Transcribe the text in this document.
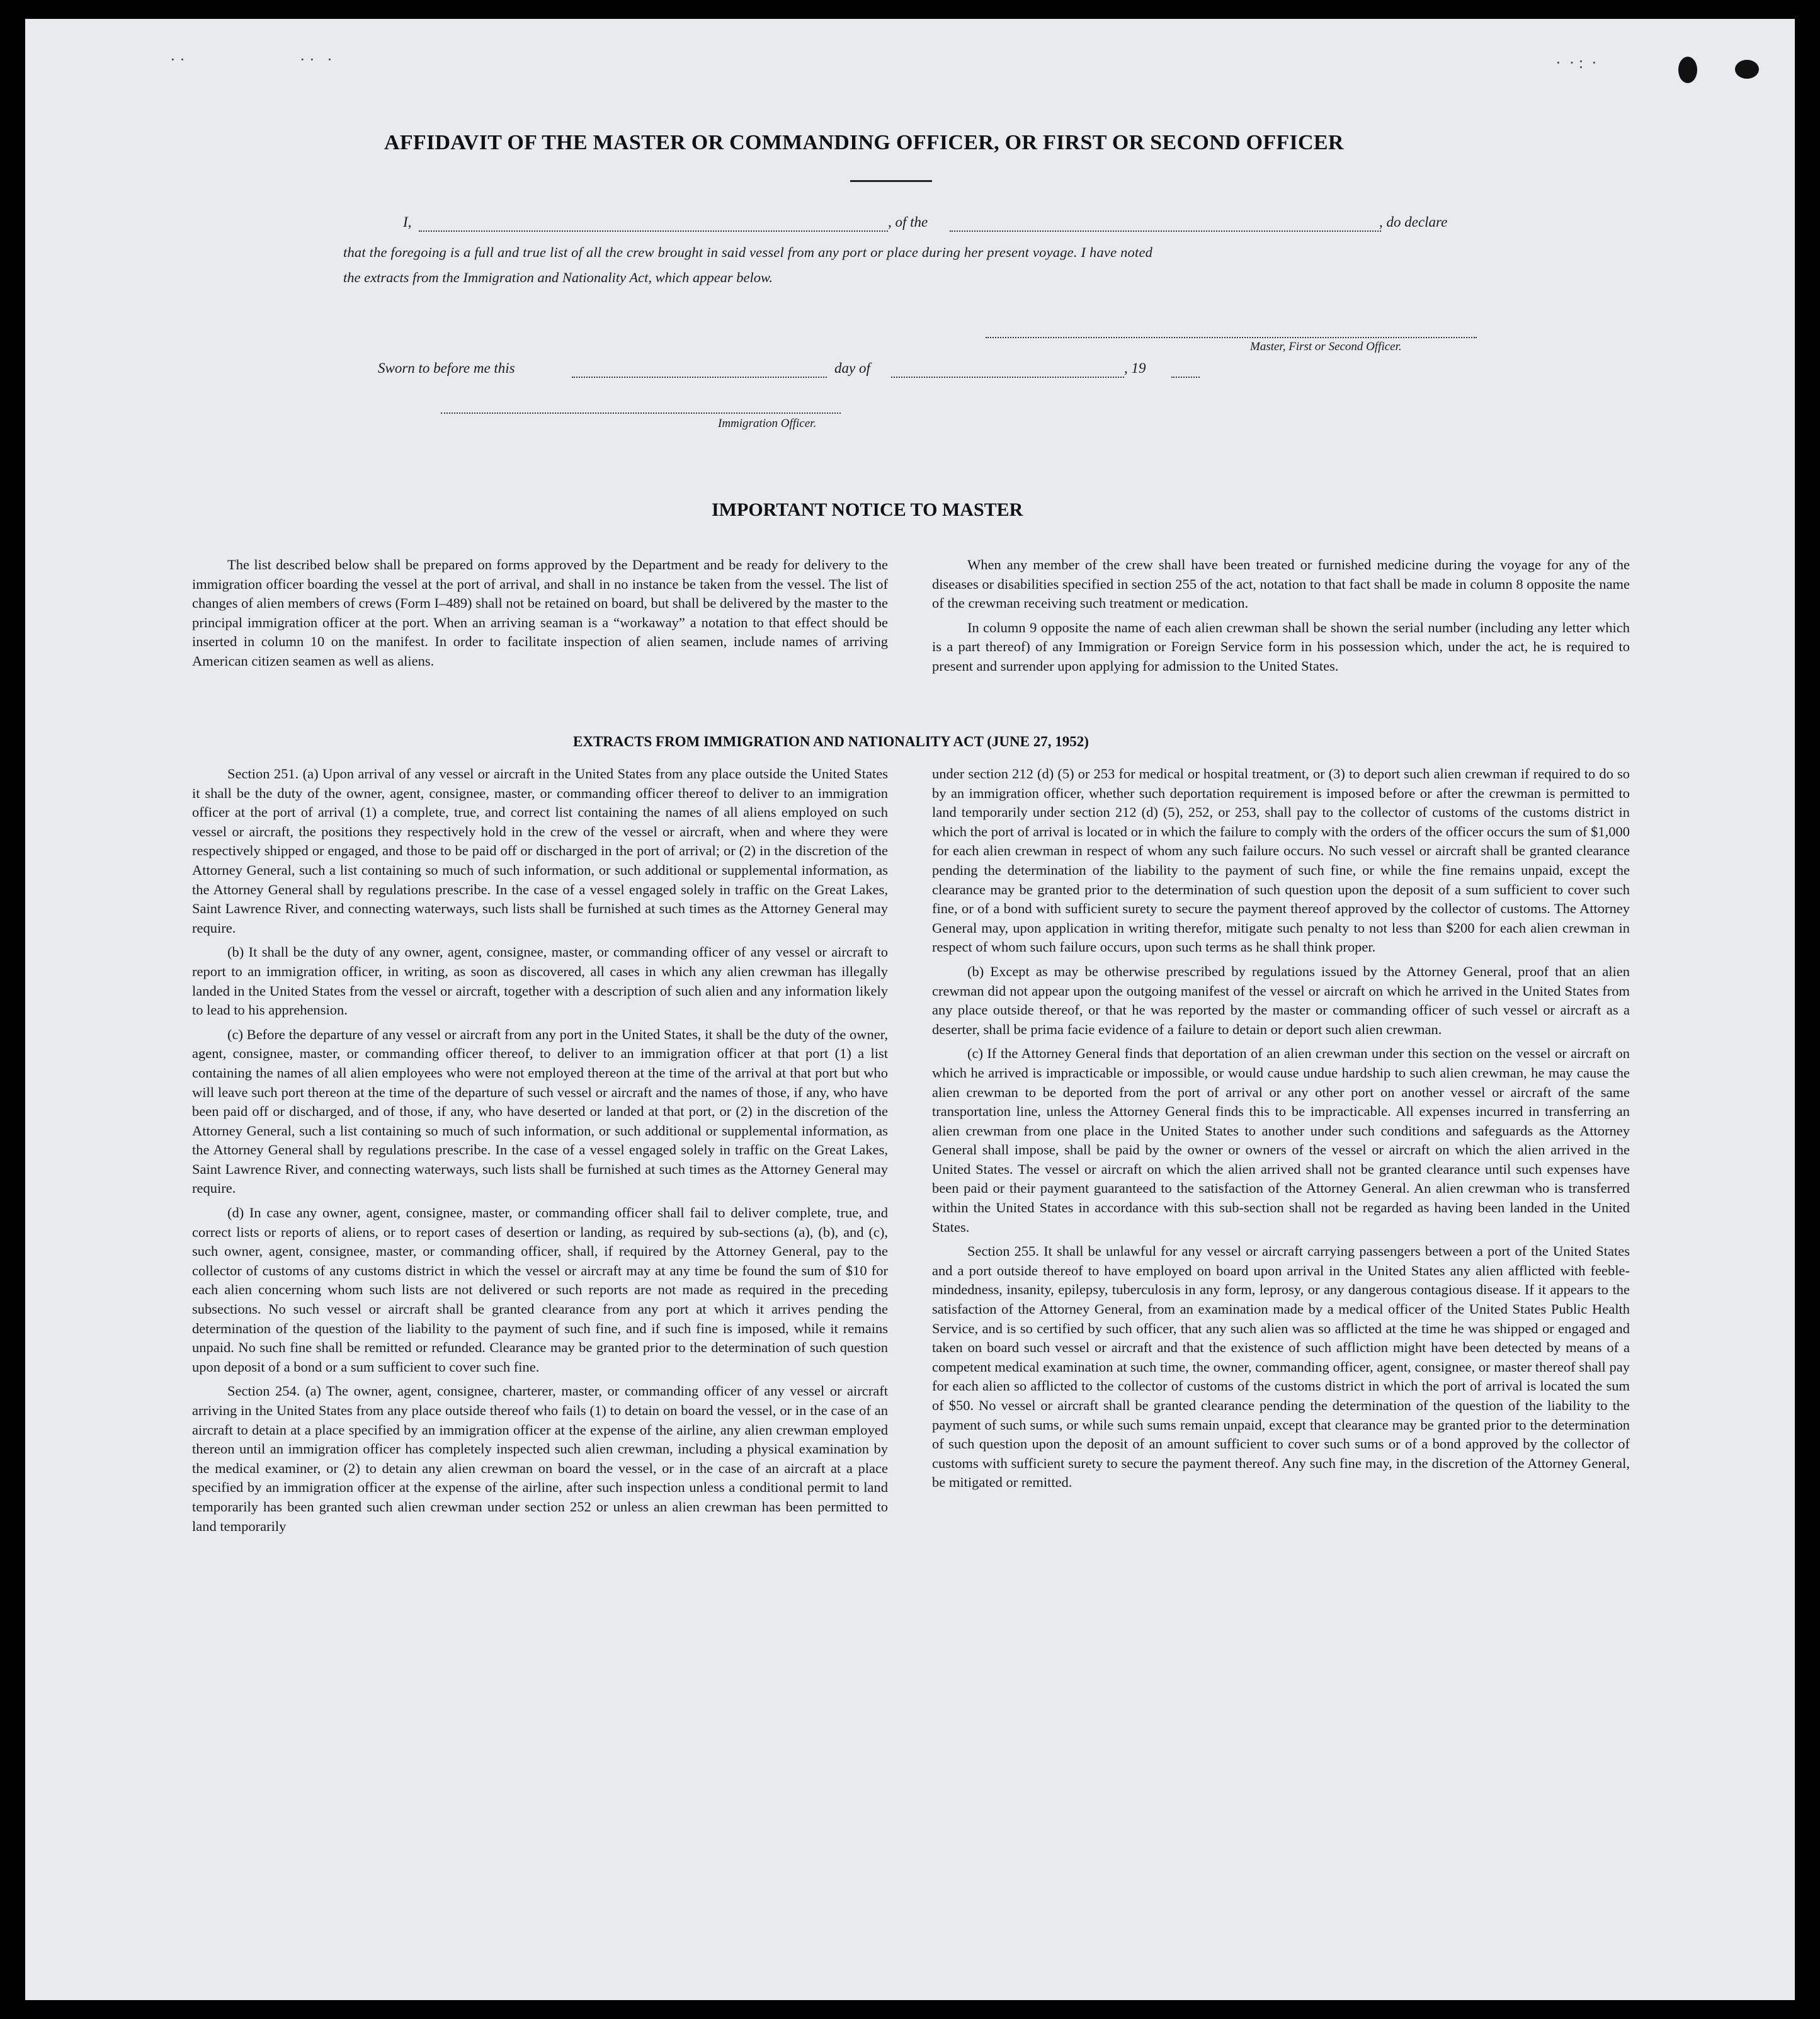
· ·                            · ·   ·	·  · :  ·
AFFIDAVIT OF THE MASTER OR COMMANDING OFFICER, OR FIRST OR SECOND OFFICER
I,	, of the	, do declare
that the foregoing is a full and true list of all the crew brought in said vessel from any port or place during her present voyage. I have noted
the extracts from the Immigration and Nationality Act, which appear below.
Master, First or Second Officer.
Sworn to before me this	day of	, 19
Immigration Officer.
IMPORTANT NOTICE TO MASTER

The list described below shall be prepared on forms approved by the Department and be ready for delivery to the immigration officer boarding the vessel at the port of arrival, and shall in no instance be taken from the vessel. The list of changes of alien members of crews (Form I–489) shall not be retained on board, but shall be delivered by the master to the principal immigration officer at the port. When an arriving seaman is a “workaway” a notation to that effect should be inserted in column 10 on the manifest. In order to facilitate inspection of alien seamen, include names of arriving American citizen seamen as well as aliens.

When any member of the crew shall have been treated or furnished medicine during the voyage for any of the diseases or disabilities specified in section 255 of the act, notation to that fact shall be made in column 8 opposite the name of the crewman receiving such treatment or medication.

In column 9 opposite the name of each alien crewman shall be shown the serial number (including any letter which is a part thereof) of any Immigration or Foreign Service form in his possession which, under the act, he is required to present and surrender upon applying for admission to the United States.

EXTRACTS FROM IMMIGRATION AND NATIONALITY ACT (JUNE 27, 1952)

Section 251. (a) Upon arrival of any vessel or aircraft in the United States from any place outside the United States it shall be the duty of the owner, agent, consignee, master, or commanding officer thereof to deliver to an immigration officer at the port of arrival (1) a complete, true, and correct list containing the names of all aliens employed on such vessel or aircraft, the positions they respectively hold in the crew of the vessel or aircraft, when and where they were respectively shipped or engaged, and those to be paid off or discharged in the port of arrival; or (2) in the discretion of the Attorney General, such a list containing so much of such information, or such additional or supplemental information, as the Attorney General shall by regulations prescribe. In the case of a vessel engaged solely in traffic on the Great Lakes, Saint Lawrence River, and connecting waterways, such lists shall be furnished at such times as the Attorney General may require.

(b) It shall be the duty of any owner, agent, consignee, master, or commanding officer of any vessel or aircraft to report to an immigration officer, in writing, as soon as discovered, all cases in which any alien crewman has illegally landed in the United States from the vessel or aircraft, together with a description of such alien and any information likely to lead to his apprehension.

(c) Before the departure of any vessel or aircraft from any port in the United States, it shall be the duty of the owner, agent, consignee, master, or commanding officer thereof, to deliver to an immigration officer at that port (1) a list containing the names of all alien employees who were not employed thereon at the time of the arrival at that port but who will leave such port thereon at the time of the departure of such vessel or aircraft and the names of those, if any, who have been paid off or discharged, and of those, if any, who have deserted or landed at that port, or (2) in the discretion of the Attorney General, such a list containing so much of such information, or such additional or supplemental information, as the Attorney General shall by regulations prescribe. In the case of a vessel engaged solely in traffic on the Great Lakes, Saint Lawrence River, and connecting waterways, such lists shall be furnished at such times as the Attorney General may require.

(d) In case any owner, agent, consignee, master, or commanding officer shall fail to deliver complete, true, and correct lists or reports of aliens, or to report cases of desertion or landing, as required by sub-sections (a), (b), and (c), such owner, agent, consignee, master, or commanding officer, shall, if required by the Attorney General, pay to the collector of customs of any customs district in which the vessel or aircraft may at any time be found the sum of $10 for each alien concerning whom such lists are not delivered or such reports are not made as required in the preceding subsections. No such vessel or aircraft shall be granted clearance from any port at which it arrives pending the determination of the question of the liability to the payment of such fine, and if such fine is imposed, while it remains unpaid. No such fine shall be remitted or refunded. Clearance may be granted prior to the determination of such question upon deposit of a bond or a sum sufficient to cover such fine.

Section 254. (a) The owner, agent, consignee, charterer, master, or commanding officer of any vessel or aircraft arriving in the United States from any place outside thereof who fails (1) to detain on board the vessel, or in the case of an aircraft to detain at a place specified by an immigration officer at the expense of the airline, any alien crewman employed thereon until an immigration officer has completely inspected such alien crewman, including a physical examination by the medical examiner, or (2) to detain any alien crewman on board the vessel, or in the case of an aircraft at a place specified by an immigration officer at the expense of the airline, after such inspection unless a conditional permit to land temporarily has been granted such alien crewman under section 252 or unless an alien crewman has been permitted to land temporarily

under section 212 (d) (5) or 253 for medical or hospital treatment, or (3) to deport such alien crewman if required to do so by an immigration officer, whether such deportation requirement is imposed before or after the crewman is permitted to land temporarily under section 212 (d) (5), 252, or 253, shall pay to the collector of customs of the customs district in which the port of arrival is located or in which the failure to comply with the orders of the officer occurs the sum of $1,000 for each alien crewman in respect of whom any such failure occurs. No such vessel or aircraft shall be granted clearance pending the determination of the liability to the payment of such fine, or while the fine remains unpaid, except the clearance may be granted prior to the determination of such question upon the deposit of a sum sufficient to cover such fine, or of a bond with sufficient surety to secure the payment thereof approved by the collector of customs. The Attorney General may, upon application in writing therefor, mitigate such penalty to not less than $200 for each alien crewman in respect of whom such failure occurs, upon such terms as he shall think proper.

(b) Except as may be otherwise prescribed by regulations issued by the Attorney General, proof that an alien crewman did not appear upon the outgoing manifest of the vessel or aircraft on which he arrived in the United States from any place outside thereof, or that he was reported by the master or commanding officer of such vessel or aircraft as a deserter, shall be prima facie evidence of a failure to detain or deport such alien crewman.

(c) If the Attorney General finds that deportation of an alien crewman under this section on the vessel or aircraft on which he arrived is impracticable or impossible, or would cause undue hardship to such alien crewman, he may cause the alien crewman to be deported from the port of arrival or any other port on another vessel or aircraft of the same transportation line, unless the Attorney General finds this to be impracticable. All expenses incurred in transferring an alien crewman from one place in the United States to another under such conditions and safeguards as the Attorney General shall impose, shall be paid by the owner or owners of the vessel or aircraft on which the alien arrived in the United States. The vessel or aircraft on which the alien arrived shall not be granted clearance until such expenses have been paid or their payment guaranteed to the satisfaction of the Attorney General. An alien crewman who is transferred within the United States in accordance with this sub-section shall not be regarded as having been landed in the United States.

Section 255. It shall be unlawful for any vessel or aircraft carrying passengers between a port of the United States and a port outside thereof to have employed on board upon arrival in the United States any alien afflicted with feeble-mindedness, insanity, epilepsy, tuberculosis in any form, leprosy, or any dangerous contagious disease. If it appears to the satisfaction of the Attorney General, from an examination made by a medical officer of the United States Public Health Service, and is so certified by such officer, that any such alien was so afflicted at the time he was shipped or engaged and taken on board such vessel or aircraft and that the existence of such affliction might have been detected by means of a competent medical examination at such time, the owner, commanding officer, agent, consignee, or master thereof shall pay for each alien so afflicted to the collector of customs of the customs district in which the port of arrival is located the sum of $50. No vessel or aircraft shall be granted clearance pending the determination of the question of the liability to the payment of such sums, or while such sums remain unpaid, except that clearance may be granted prior to the determination of such question upon the deposit of an amount sufficient to cover such sums or of a bond approved by the collector of customs with sufficient surety to secure the payment thereof. Any such fine may, in the discretion of the Attorney General, be mitigated or remitted.
